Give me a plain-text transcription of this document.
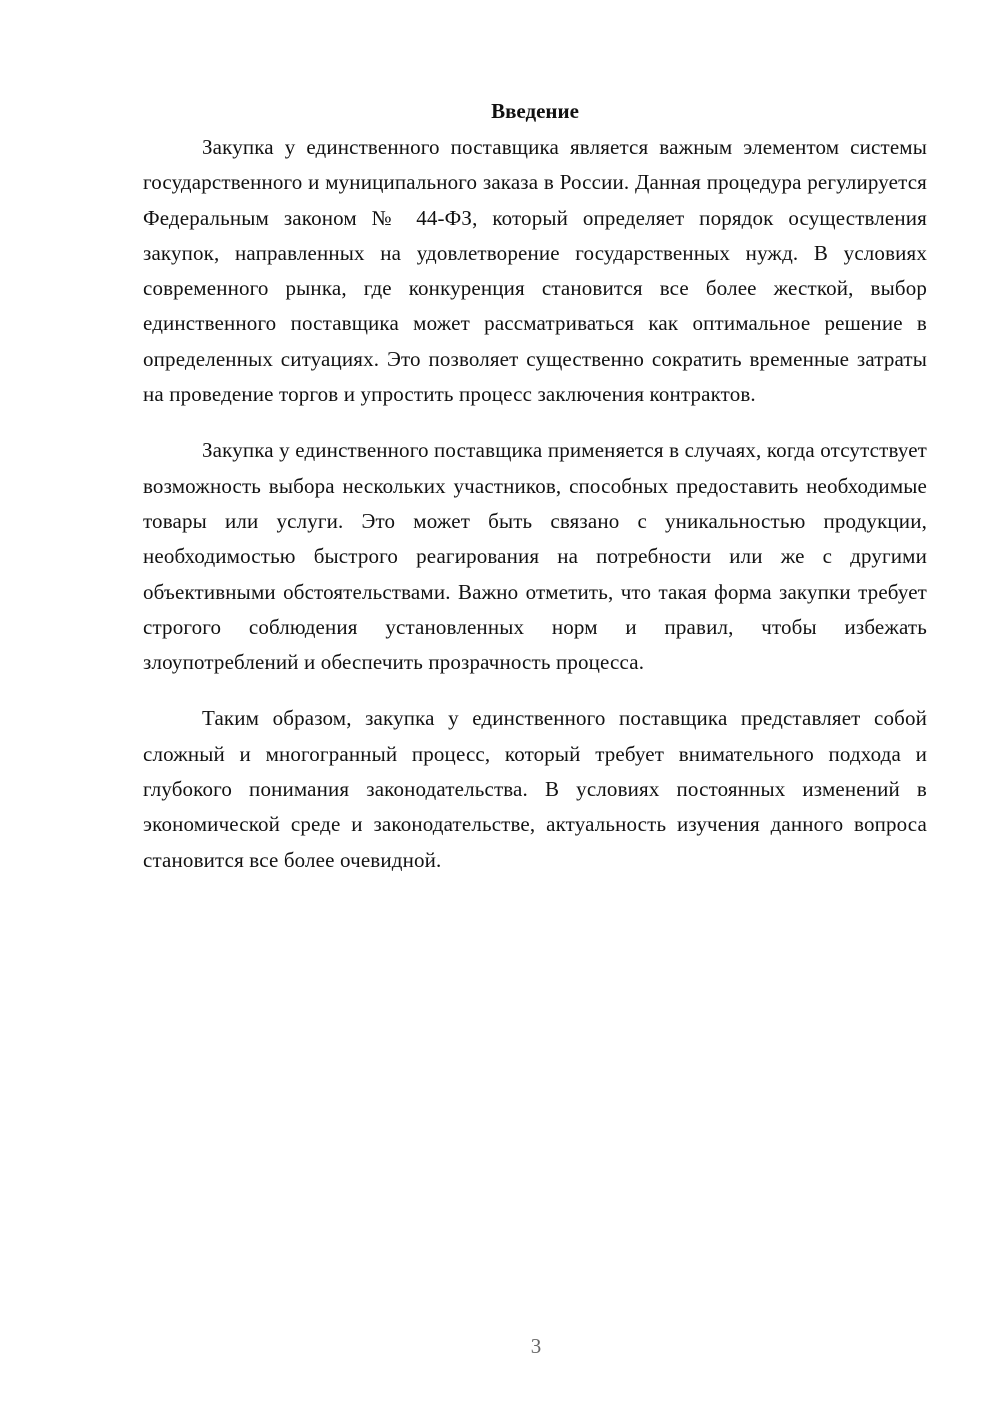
Введение

Закупка у единственного поставщика является важным элементом системы государственного и муниципального заказа в России. Данная процедура регулируется Федеральным законом № 44-ФЗ, который определяет порядок осуществления закупок, направленных на удовлетворение государственных нужд. В условиях современного рынка, где конкуренция становится все более жесткой, выбор единственного поставщика может рассматриваться как оптимальное решение в определенных ситуациях. Это позволяет существенно сократить временные затраты на проведение торгов и упростить процесс заключения контрактов.

Закупка у единственного поставщика применяется в случаях, когда отсутствует возможность выбора нескольких участников, способных предоставить необходимые товары или услуги. Это может быть связано с уникальностью продукции, необходимостью быстрого реагирования на потребности или же с другими объективными обстоятельствами. Важно отметить, что такая форма закупки требует строгого соблюдения установленных норм и правил, чтобы избежать злоупотреблений и обеспечить прозрачность процесса.

Таким образом, закупка у единственного поставщика представляет собой сложный и многогранный процесс, который требует внимательного подхода и глубокого понимания законодательства. В условиях постоянных изменений в экономической среде и законодательстве, актуальность изучения данного вопроса становится все более очевидной.

3
